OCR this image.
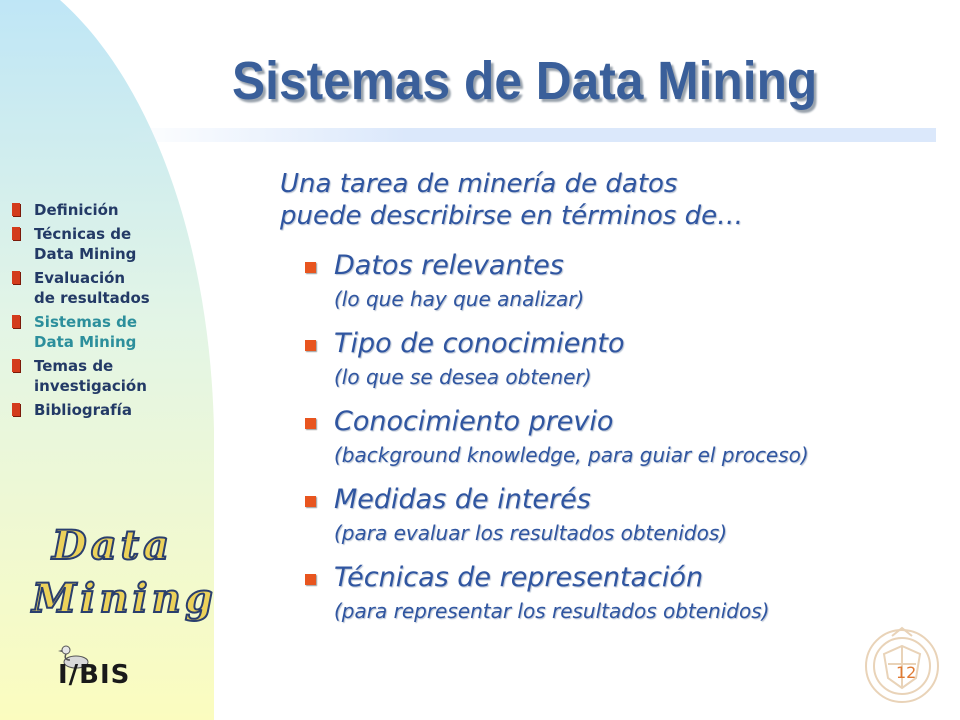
Sistemas de Data Mining
Una tarea de minería de datos
puede describirse en términos de…
Datos relevantes
(lo que hay que analizar)
Tipo de conocimiento
(lo que se desea obtener)
Conocimiento previo
(background knowledge, para guiar el proceso)
Medidas de interés
(para evaluar los resultados obtenidos)
Técnicas de representación
(para representar los resultados obtenidos)
Definición
Técnicas de
Data Mining
Evaluación
de resultados
Sistemas de
Data Mining
Temas de
investigación
Bibliografía
Data
Mining
I/BIS	12
